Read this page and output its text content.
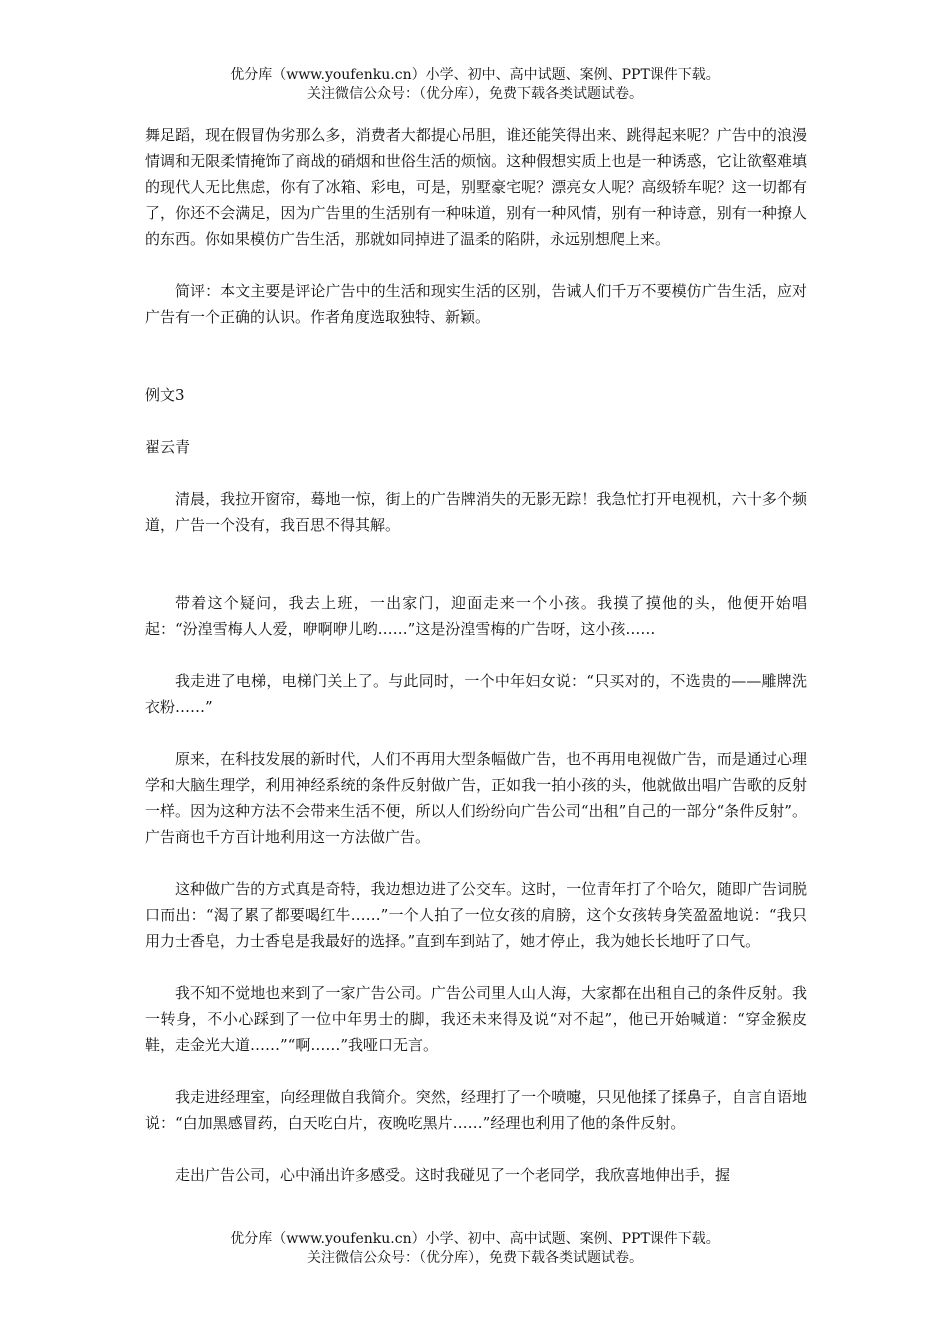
优分库（www.youfenku.cn）小学、初中、高中试题、案例、PPT课件下载。
关注微信公众号：（优分库），免费下载各类试题试卷。

舞足蹈，现在假冒伪劣那么多，消费者大都提心吊胆，谁还能笑得出来、跳得起来呢？广告中的浪漫情调和无限柔情掩饰了商战的硝烟和世俗生活的烦恼。这种假想实质上也是一种诱惑，它让欲壑难填的现代人无比焦虑，你有了冰箱、彩电，可是，别墅豪宅呢？漂亮女人呢？高级轿车呢？这一切都有了，你还不会满足，因为广告里的生活别有一种味道，别有一种风情，别有一种诗意，别有一种撩人的东西。你如果模仿广告生活，那就如同掉进了温柔的陷阱，永远别想爬上来。

简评：本文主要是评论广告中的生活和现实生活的区别，告诫人们千万不要模仿广告生活，应对广告有一个正确的认识。作者角度选取独特、新颖。

例文3

翟云青

清晨，我拉开窗帘，蓦地一惊，街上的广告牌消失的无影无踪！我急忙打开电视机，六十多个频道，广告一个没有，我百思不得其解。

带着这个疑问，我去上班，一出家门，迎面走来一个小孩。我摸了摸他的头，他便开始唱起：“汾湟雪梅人人爱，咿啊咿儿哟……”这是汾湟雪梅的广告呀，这小孩……

我走进了电梯，电梯门关上了。与此同时，一个中年妇女说：“只买对的，不选贵的——雕牌洗衣粉……”

原来，在科技发展的新时代，人们不再用大型条幅做广告，也不再用电视做广告，而是通过心理学和大脑生理学，利用神经系统的条件反射做广告，正如我一拍小孩的头，他就做出唱广告歌的反射一样。因为这种方法不会带来生活不便，所以人们纷纷向广告公司“出租”自己的一部分“条件反射”。广告商也千方百计地利用这一方法做广告。

这种做广告的方式真是奇特，我边想边进了公交车。这时，一位青年打了个哈欠，随即广告词脱口而出：“渴了累了都要喝红牛……”一个人拍了一位女孩的肩膀，这个女孩转身笑盈盈地说：“我只用力士香皂，力士香皂是我最好的选择。”直到车到站了，她才停止，我为她长长地吁了口气。

我不知不觉地也来到了一家广告公司。广告公司里人山人海，大家都在出租自己的条件反射。我一转身，不小心踩到了一位中年男士的脚，我还未来得及说“对不起”，他已开始喊道：“穿金猴皮鞋，走金光大道……”“啊……”我哑口无言。

我走进经理室，向经理做自我简介。突然，经理打了一个喷嚏，只见他揉了揉鼻子，自言自语地说：“白加黑感冒药，白天吃白片，夜晚吃黑片……”经理也利用了他的条件反射。

走出广告公司，心中涌出许多感受。这时我碰见了一个老同学，我欣喜地伸出手，握

优分库（www.youfenku.cn）小学、初中、高中试题、案例、PPT课件下载。
关注微信公众号：（优分库），免费下载各类试题试卷。
